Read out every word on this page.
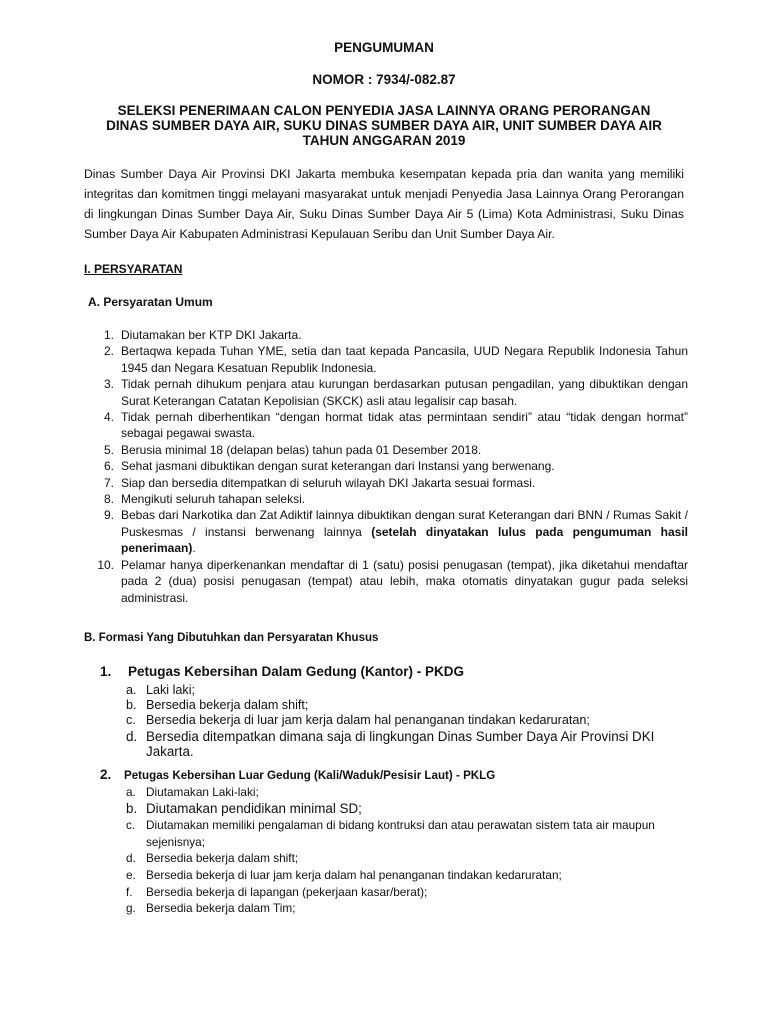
PENGUMUMAN
NOMOR : 7934/-082.87
SELEKSI PENERIMAAN CALON PENYEDIA JASA LAINNYA ORANG PERORANGAN
DINAS SUMBER DAYA AIR, SUKU DINAS SUMBER DAYA AIR, UNIT SUMBER DAYA AIR
TAHUN ANGGARAN 2019
Dinas Sumber Daya Air Provinsi DKI Jakarta membuka kesempatan kepada pria dan wanita yang memiliki integritas dan komitmen tinggi melayani masyarakat untuk menjadi Penyedia Jasa Lainnya Orang Perorangan di lingkungan Dinas Sumber Daya Air, Suku Dinas Sumber Daya Air 5 (Lima) Kota Administrasi, Suku Dinas Sumber Daya Air Kabupaten Administrasi Kepulauan Seribu dan Unit Sumber Daya Air.
I. PERSYARATAN
A. Persyaratan Umum
1. Diutamakan ber KTP DKI Jakarta.
2. Bertaqwa kepada Tuhan YME, setia dan taat kepada Pancasila, UUD Negara Republik Indonesia Tahun 1945 dan Negara Kesatuan Republik Indonesia.
3. Tidak pernah dihukum penjara atau kurungan berdasarkan putusan pengadilan, yang dibuktikan dengan Surat Keterangan Catatan Kepolisian (SKCK) asli atau legalisir cap basah.
4. Tidak pernah diberhentikan “dengan hormat tidak atas permintaan sendiri” atau “tidak dengan hormat” sebagai pegawai swasta.
5. Berusia minimal 18 (delapan belas) tahun pada 01 Desember 2018.
6. Sehat jasmani dibuktikan dengan surat keterangan dari Instansi yang berwenang.
7. Siap dan bersedia ditempatkan di seluruh wilayah DKI Jakarta sesuai formasi.
8. Mengikuti seluruh tahapan seleksi.
9. Bebas dari Narkotika dan Zat Adiktif lainnya dibuktikan dengan surat Keterangan dari BNN / Rumas Sakit / Puskesmas / instansi berwenang lainnya (setelah dinyatakan lulus pada pengumuman hasil penerimaan).
10. Pelamar hanya diperkenankan mendaftar di 1 (satu) posisi penugasan (tempat), jika diketahui mendaftar pada 2 (dua) posisi penugasan (tempat) atau lebih, maka otomatis dinyatakan gugur pada seleksi administrasi.
B. Formasi Yang Dibutuhkan dan Persyaratan Khusus
1. Petugas Kebersihan Dalam Gedung (Kantor) - PKDG
a. Laki laki;
b. Bersedia bekerja dalam shift;
c. Bersedia bekerja di luar jam kerja dalam hal penanganan tindakan kedaruratan;
d. Bersedia ditempatkan dimana saja di lingkungan Dinas Sumber Daya Air Provinsi DKI Jakarta.
2. Petugas Kebersihan Luar Gedung (Kali/Waduk/Pesisir Laut) - PKLG
a. Diutamakan Laki-laki;
b. Diutamakan pendidikan minimal SD;
c. Diutamakan memiliki pengalaman di bidang kontruksi dan atau perawatan sistem tata air maupun sejenisnya;
d. Bersedia bekerja dalam shift;
e. Bersedia bekerja di luar jam kerja dalam hal penanganan tindakan kedaruratan;
f. Bersedia bekerja di lapangan (pekerjaan kasar/berat);
g. Bersedia bekerja dalam Tim;
